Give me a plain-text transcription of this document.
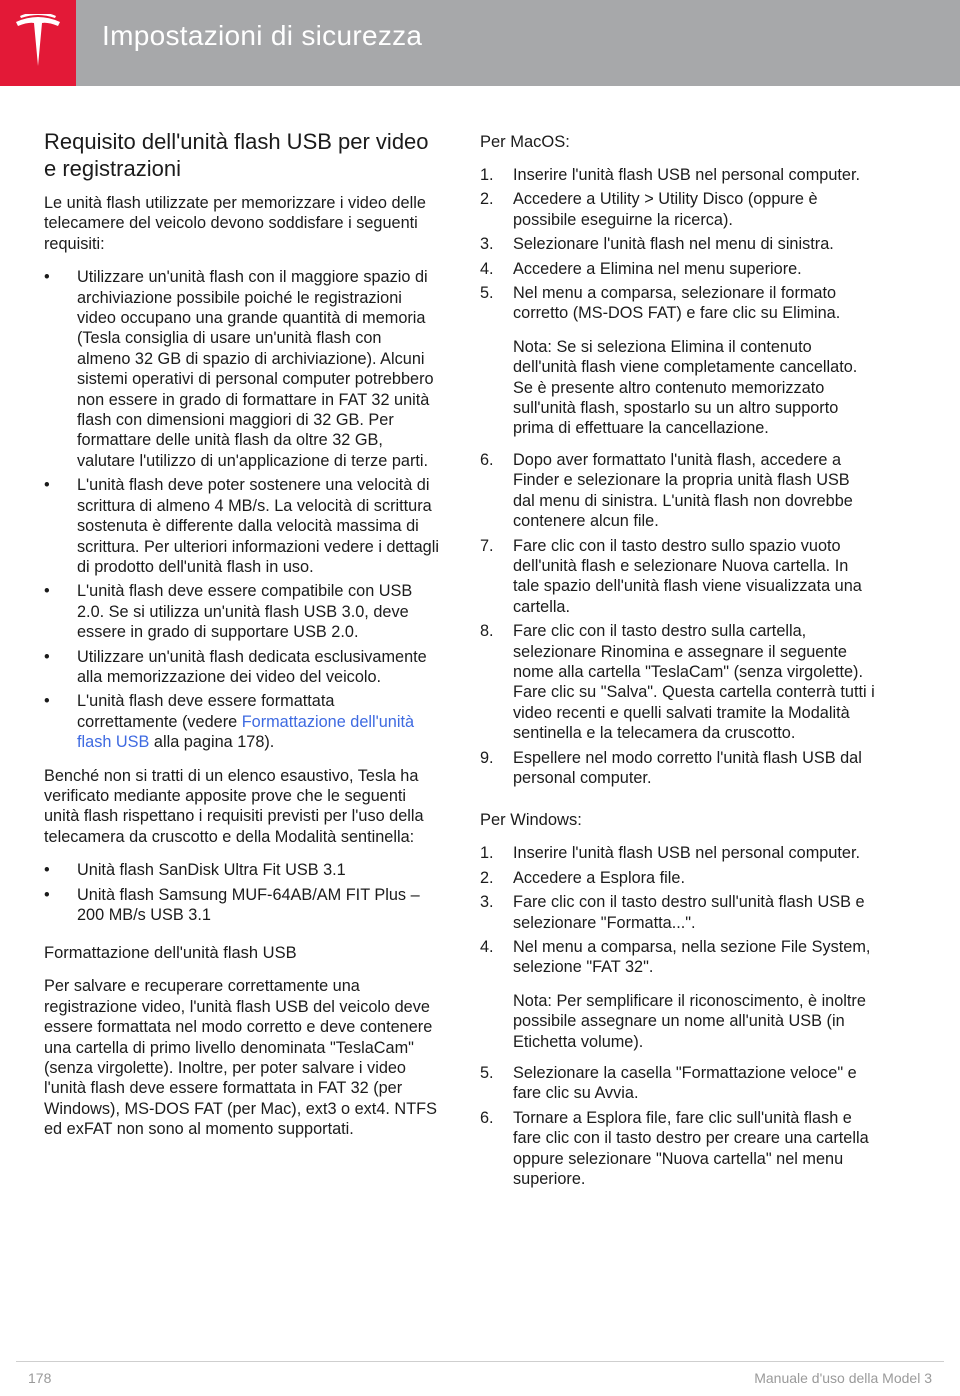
Impostazioni di sicurezza
Requisito dell'unità flash USB per video e registrazioni

Le unità flash utilizzate per memorizzare i video delle telecamere del veicolo devono soddisfare i seguenti requisiti:

• Utilizzare un'unità flash con il maggiore spazio di archiviazione possibile poiché le registrazioni video occupano una grande quantità di memoria (Tesla consiglia di usare un'unità flash con almeno 32 GB di spazio di archiviazione). Alcuni sistemi operativi di personal computer potrebbero non essere in grado di formattare in FAT 32 unità flash con dimensioni maggiori di 32 GB. Per formattare delle unità flash da oltre 32 GB, valutare l'utilizzo di un'applicazione di terze parti.
• L'unità flash deve poter sostenere una velocità di scrittura di almeno 4 MB/s. La velocità di scrittura sostenuta è differente dalla velocità massima di scrittura. Per ulteriori informazioni vedere i dettagli di prodotto dell'unità flash in uso.
• L'unità flash deve essere compatibile con USB 2.0. Se si utilizza un'unità flash USB 3.0, deve essere in grado di supportare USB 2.0.
• Utilizzare un'unità flash dedicata esclusivamente alla memorizzazione dei video del veicolo.
• L'unità flash deve essere formattata correttamente (vedere Formattazione dell'unità flash USB alla pagina 178).

Benché non si tratti di un elenco esaustivo, Tesla ha verificato mediante apposite prove che le seguenti unità flash rispettano i requisiti previsti per l'uso della telecamera da cruscotto e della Modalità sentinella:

• Unità flash SanDisk Ultra Fit USB 3.1
• Unità flash Samsung MUF-64AB/AM FIT Plus – 200 MB/s USB 3.1
Formattazione dell'unità flash USB

Per salvare e recuperare correttamente una registrazione video, l'unità flash USB del veicolo deve essere formattata nel modo corretto e deve contenere una cartella di primo livello denominata "TeslaCam" (senza virgolette). Inoltre, per poter salvare i video l'unità flash deve essere formattata in FAT 32 (per Windows), MS-DOS FAT (per Mac), ext3 o ext4. NTFS ed exFAT non sono al momento supportati.

Per MacOS:
1. Inserire l'unità flash USB nel personal computer.
2. Accedere a Utility > Utility Disco (oppure è possibile eseguirne la ricerca).
3. Selezionare l'unità flash nel menu di sinistra.
4. Accedere a Elimina nel menu superiore.
5. Nel menu a comparsa, selezionare il formato corretto (MS-DOS FAT) e fare clic su Elimina.

Nota: Se si seleziona Elimina il contenuto dell'unità flash viene completamente cancellato. Se è presente altro contenuto memorizzato sull'unità flash, spostarlo su un altro supporto prima di effettuare la cancellazione.

6. Dopo aver formattato l'unità flash, accedere a Finder e selezionare la propria unità flash USB dal menu di sinistra. L'unità flash non dovrebbe contenere alcun file.
7. Fare clic con il tasto destro sullo spazio vuoto dell'unità flash e selezionare Nuova cartella. In tale spazio dell'unità flash viene visualizzata una cartella.
8. Fare clic con il tasto destro sulla cartella, selezionare Rinomina e assegnare il seguente nome alla cartella "TeslaCam" (senza virgolette). Fare clic su "Salva". Questa cartella conterrà tutti i video recenti e quelli salvati tramite la Modalità sentinella e la telecamera da cruscotto.
9. Espellere nel modo corretto l'unità flash USB dal personal computer.
Per Windows:
1. Inserire l'unità flash USB nel personal computer.
2. Accedere a Esplora file.
3. Fare clic con il tasto destro sull'unità flash USB e selezionare "Formatta...".
4. Nel menu a comparsa, nella sezione File System, selezione "FAT 32".

Nota: Per semplificare il riconoscimento, è inoltre possibile assegnare un nome all'unità USB (in Etichetta volume).

5. Selezionare la casella "Formattazione veloce" e fare clic su Avvia.
6. Tornare a Esplora file, fare clic sull'unità flash e fare clic con il tasto destro per creare una cartella oppure selezionare "Nuova cartella" nel menu superiore.
178	Manuale d'uso della Model 3
